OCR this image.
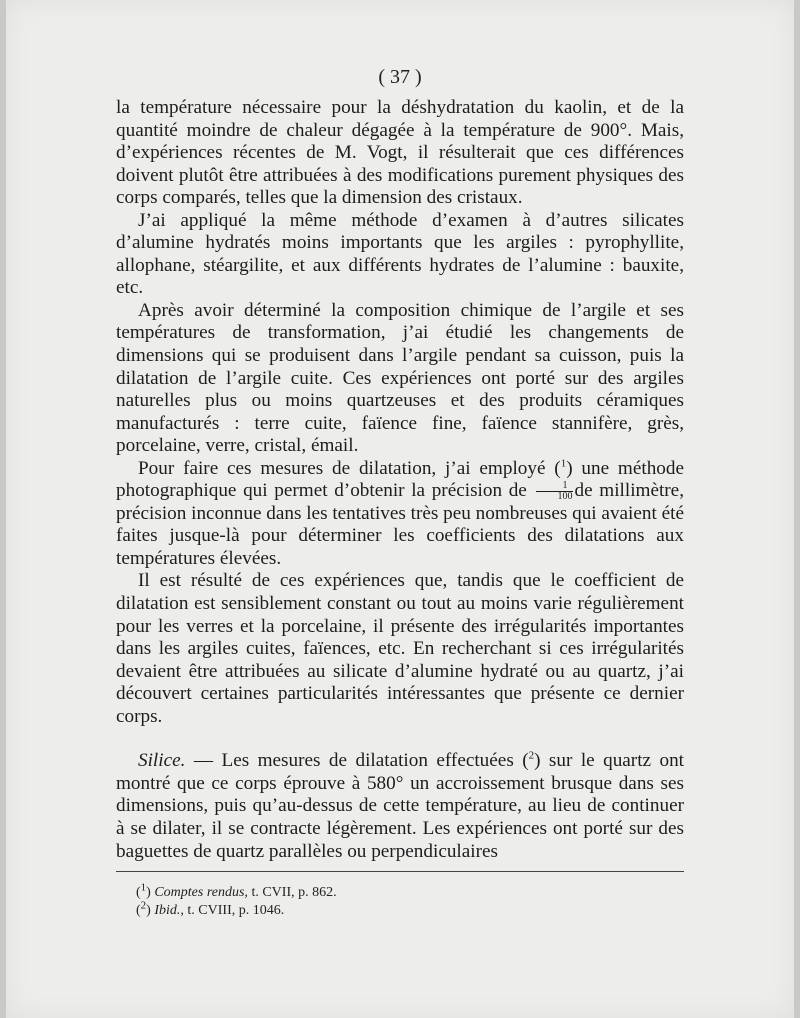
( 37 )

la température nécessaire pour la déshydratation du kaolin, et de la quantité moindre de chaleur dégagée à la température de 900°. Mais, d’expériences récentes de M. Vogt, il résulterait que ces différences doivent plutôt être attribuées à des modifications purement physiques des corps comparés, telles que la dimension des cristaux.

J’ai appliqué la même méthode d’examen à d’autres silicates d’alumine hydratés moins importants que les argiles : pyrophyllite, allophane, stéargilite, et aux différents hydrates de l’alumine : bauxite, etc.

Après avoir déterminé la composition chimique de l’argile et ses températures de transformation, j’ai étudié les changements de dimensions qui se produisent dans l’argile pendant sa cuisson, puis la dilatation de l’argile cuite. Ces expériences ont porté sur des argiles naturelles plus ou moins quartzeuses et des produits céramiques manufacturés : terre cuite, faïence fine, faïence stannifère, grès, porcelaine, verre, cristal, émail.

Pour faire ces mesures de dilatation, j’ai employé ($^1$) une méthode photographique qui permet d’obtenir la précision de $\frac{1}{100}$ de millimètre, précision inconnue dans les tentatives très peu nombreuses qui avaient été faites jusque-là pour déterminer les coefficients des dilatations aux températures élevées.

Il est résulté de ces expériences que, tandis que le coefficient de dilatation est sensiblement constant ou tout au moins varie régulièrement pour les verres et la porcelaine, il présente des irrégularités importantes dans les argiles cuites, faïences, etc. En recherchant si ces irrégularités devaient être attribuées au silicate d’alumine hydraté ou au quartz, j’ai découvert certaines particularités intéressantes que présente ce dernier corps.

Silice. — Les mesures de dilatation effectuées ($^2$) sur le quartz ont montré que ce corps éprouve à 580° un accroissement brusque dans ses dimensions, puis qu’au-dessus de cette température, au lieu de continuer à se dilater, il se contracte légèrement. Les expériences ont porté sur des baguettes de quartz parallèles ou perpendiculaires

($^1$) Comptes rendus, t. CVII, p. 862.
($^2$) Ibid., t. CVIII, p. 1046.
